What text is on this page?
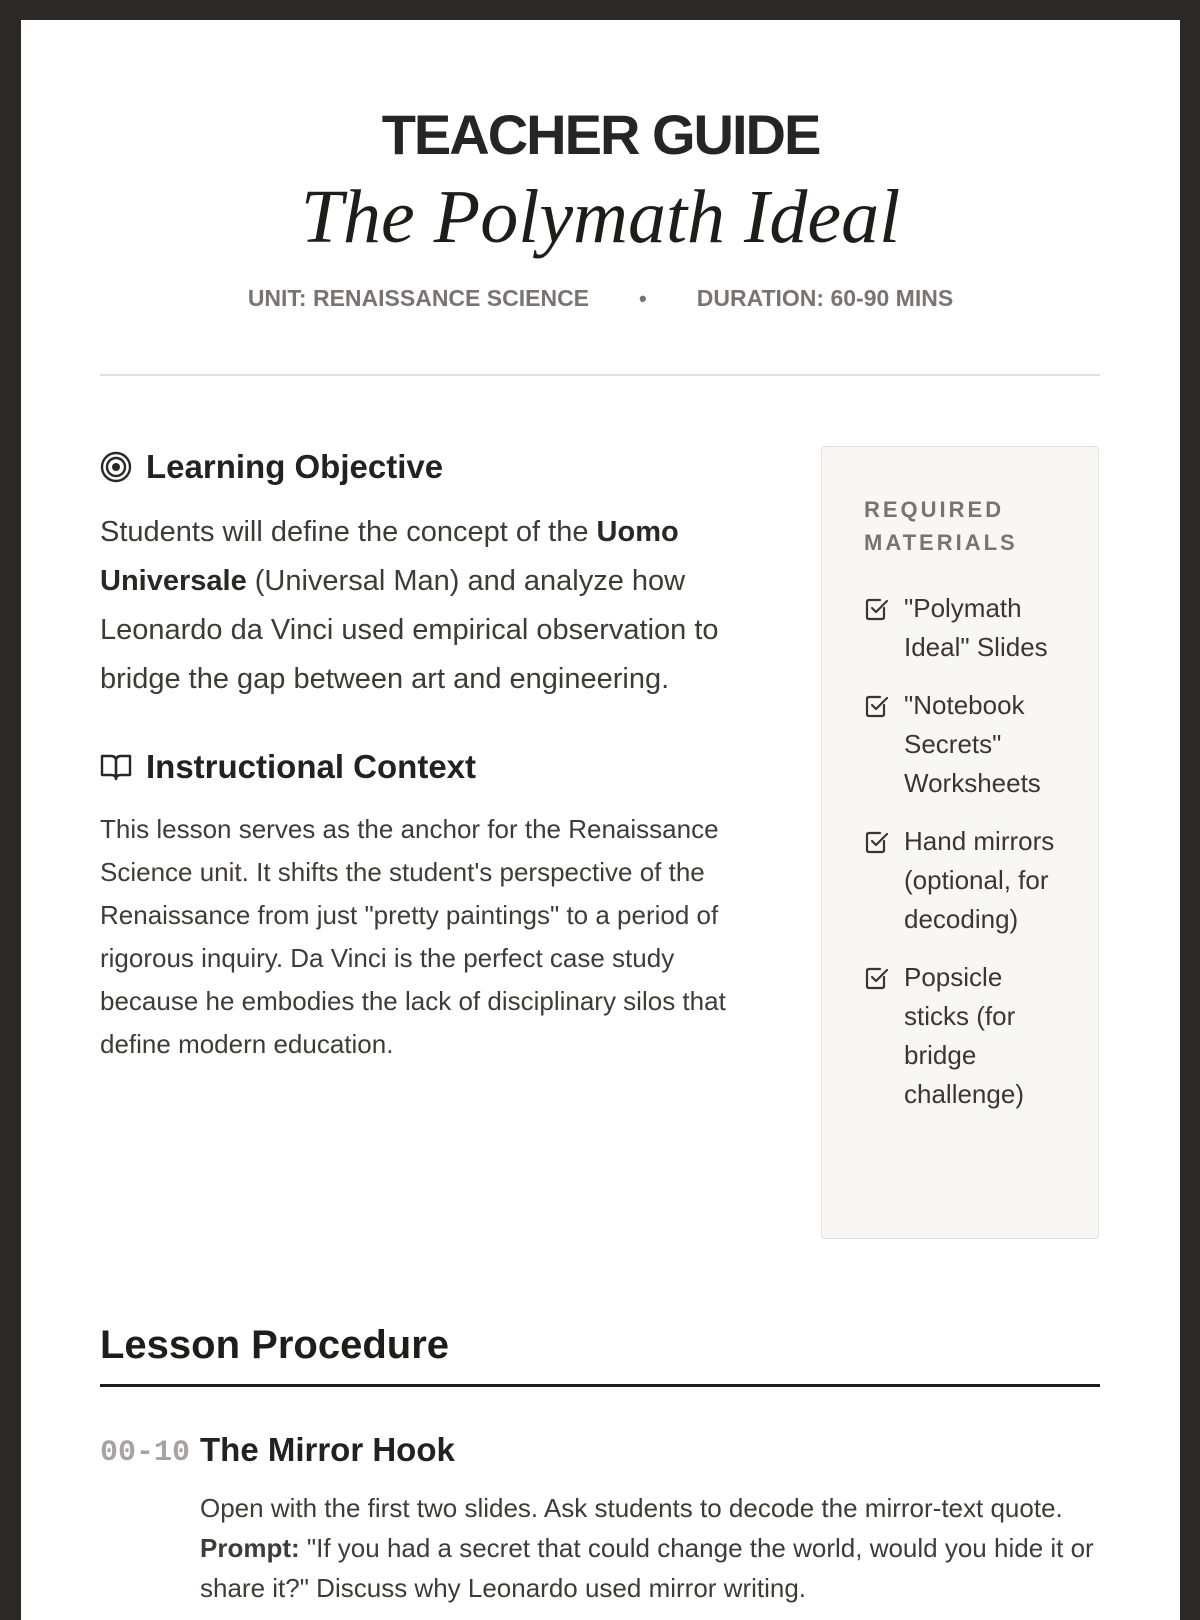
TEACHER GUIDE
The Polymath Ideal
UNIT: RENAISSANCE SCIENCE • DURATION: 60-90 MINS
Learning Objective
Students will define the concept of the Uomo Universale (Universal Man) and analyze how Leonardo da Vinci used empirical observation to bridge the gap between art and engineering.
Instructional Context
This lesson serves as the anchor for the Renaissance Science unit. It shifts the student's perspective of the Renaissance from just "pretty paintings" to a period of rigorous inquiry. Da Vinci is the perfect case study because he embodies the lack of disciplinary silos that define modern education.
REQUIRED MATERIALS
"Polymath Ideal" Slides
"Notebook Secrets" Worksheets
Hand mirrors (optional, for decoding)
Popsicle sticks (for bridge challenge)
Lesson Procedure
00-10 The Mirror Hook
Open with the first two slides. Ask students to decode the mirror-text quote. Prompt: "If you had a secret that could change the world, would you hide it or share it?" Discuss why Leonardo used mirror writing.
